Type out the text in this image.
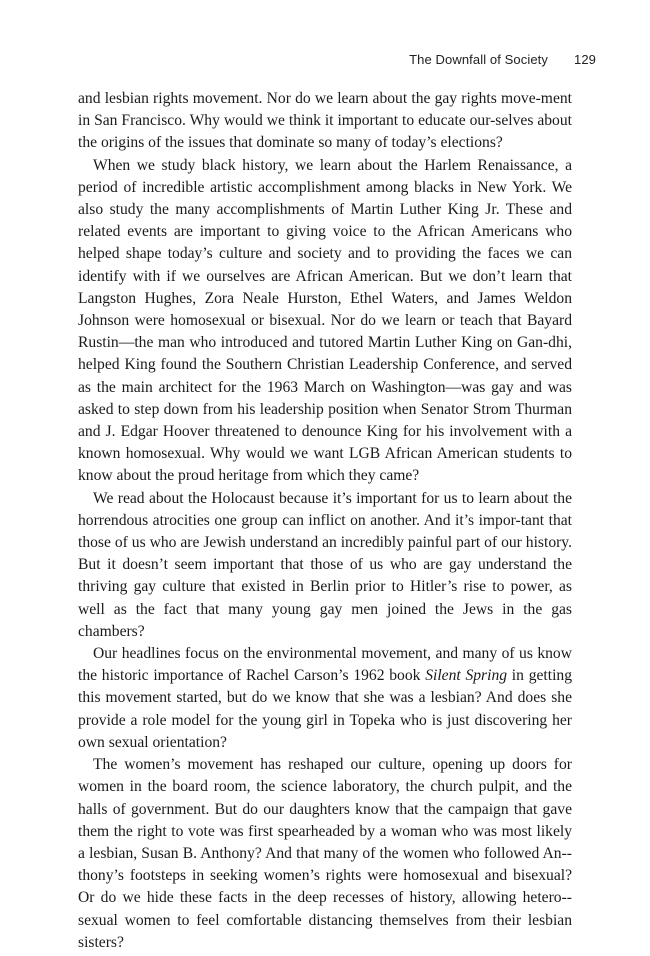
The Downfall of Society 129

and lesbian rights movement. Nor do we learn about the gay rights move-ment in San Francisco. Why would we think it important to educate our-selves about the origins of the issues that dominate so many of today’s elections?

When we study black history, we learn about the Harlem Renaissance, a period of incredible artistic accomplishment among blacks in New York. We also study the many accomplishments of Martin Luther King Jr. These and related events are important to giving voice to the African Americans who helped shape today’s culture and society and to providing the faces we can identify with if we ourselves are African American. But we don’t learn that Langston Hughes, Zora Neale Hurston, Ethel Waters, and James Weldon Johnson were homosexual or bisexual. Nor do we learn or teach that Bayard Rustin—the man who introduced and tutored Martin Luther King on Gan-dhi, helped King found the Southern Christian Leadership Conference, and served as the main architect for the 1963 March on Washington—was gay and was asked to step down from his leadership position when Senator Strom Thurman and J. Edgar Hoover threatened to denounce King for his involvement with a known homosexual. Why would we want LGB African American students to know about the proud heritage from which they came?

We read about the Holocaust because it’s important for us to learn about the horrendous atrocities one group can inflict on another. And it’s impor-tant that those of us who are Jewish understand an incredibly painful part of our history. But it doesn’t seem important that those of us who are gay understand the thriving gay culture that existed in Berlin prior to Hitler’s rise to power, as well as the fact that many young gay men joined the Jews in the gas chambers?

Our headlines focus on the environmental movement, and many of us know the historic importance of Rachel Carson’s 1962 book Silent Spring in getting this movement started, but do we know that she was a lesbian? And does she provide a role model for the young girl in Topeka who is just discovering her own sexual orientation?

The women’s movement has reshaped our culture, opening up doors for women in the board room, the science laboratory, the church pulpit, and the halls of government. But do our daughters know that the campaign that gave them the right to vote was first spearheaded by a woman who was most likely a lesbian, Susan B. Anthony? And that many of the women who followed An-thony’s footsteps in seeking women’s rights were homosexual and bisexual? Or do we hide these facts in the deep recesses of history, allowing hetero-sexual women to feel comfortable distancing themselves from their lesbian sisters?
